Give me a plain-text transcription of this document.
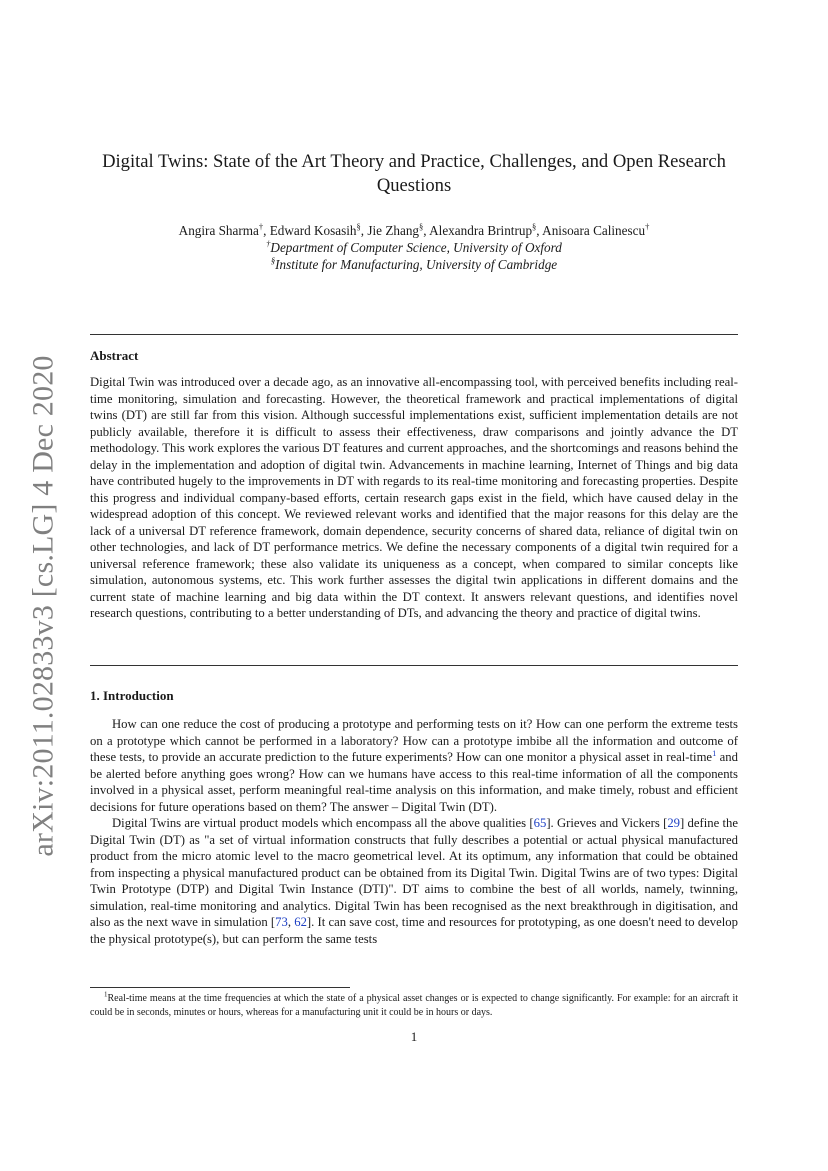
arXiv:2011.02833v3 [cs.LG] 4 Dec 2020
Digital Twins: State of the Art Theory and Practice, Challenges, and Open Research Questions
Angira Sharma†, Edward Kosasih§, Jie Zhang§, Alexandra Brintrup§, Anisoara Calinescu†
†Department of Computer Science, University of Oxford
§Institute for Manufacturing, University of Cambridge
Abstract

Digital Twin was introduced over a decade ago, as an innovative all-encompassing tool, with perceived benefits including real-time monitoring, simulation and forecasting. However, the theoretical framework and practical implementations of digital twins (DT) are still far from this vision. Although successful implementations exist, sufficient implementation details are not publicly available, therefore it is difficult to assess their effectiveness, draw comparisons and jointly advance the DT methodology. This work explores the various DT features and current approaches, and the shortcomings and reasons behind the delay in the implementation and adoption of digital twin. Advancements in machine learning, Internet of Things and big data have contributed hugely to the improvements in DT with regards to its real-time monitoring and forecasting properties. Despite this progress and individual company-based efforts, certain research gaps exist in the field, which have caused delay in the widespread adoption of this concept. We reviewed relevant works and identified that the major reasons for this delay are the lack of a universal DT reference framework, domain dependence, security concerns of shared data, reliance of digital twin on other technologies, and lack of DT performance metrics. We define the necessary components of a digital twin required for a universal reference framework; these also validate its uniqueness as a concept, when compared to similar concepts like simulation, autonomous systems, etc. This work further assesses the digital twin applications in different domains and the current state of machine learning and big data within the DT context. It answers relevant questions, and identifies novel research questions, contributing to a better understanding of DTs, and advancing the theory and practice of digital twins.

1. Introduction

How can one reduce the cost of producing a prototype and performing tests on it? How can one perform the extreme tests on a prototype which cannot be performed in a laboratory? How can a prototype imbibe all the information and outcome of these tests, to provide an accurate prediction to the future experiments? How can one monitor a physical asset in real-time$^1$ and be alerted before anything goes wrong? How can we humans have access to this real-time information of all the components involved in a physical asset, perform meaningful real-time analysis on this information, and make timely, robust and efficient decisions for future operations based on them? The answer – Digital Twin (DT).

Digital Twins are virtual product models which encompass all the above qualities [65]. Grieves and Vickers [29] define the Digital Twin (DT) as "a set of virtual information constructs that fully describes a potential or actual physical manufactured product from the micro atomic level to the macro geometrical level. At its optimum, any information that could be obtained from inspecting a physical manufactured product can be obtained from its Digital Twin. Digital Twins are of two types: Digital Twin Prototype (DTP) and Digital Twin Instance (DTI)". DT aims to combine the best of all worlds, namely, twinning, simulation, real-time monitoring and analytics. Digital Twin has been recognised as the next breakthrough in digitisation, and also as the next wave in simulation [73, 62]. It can save cost, time and resources for prototyping, as one doesn't need to develop the physical prototype(s), but can perform the same tests

$^1$Real-time means at the time frequencies at which the state of a physical asset changes or is expected to change significantly. For example: for an aircraft it could be in seconds, minutes or hours, whereas for a manufacturing unit it could be in hours or days.
1
